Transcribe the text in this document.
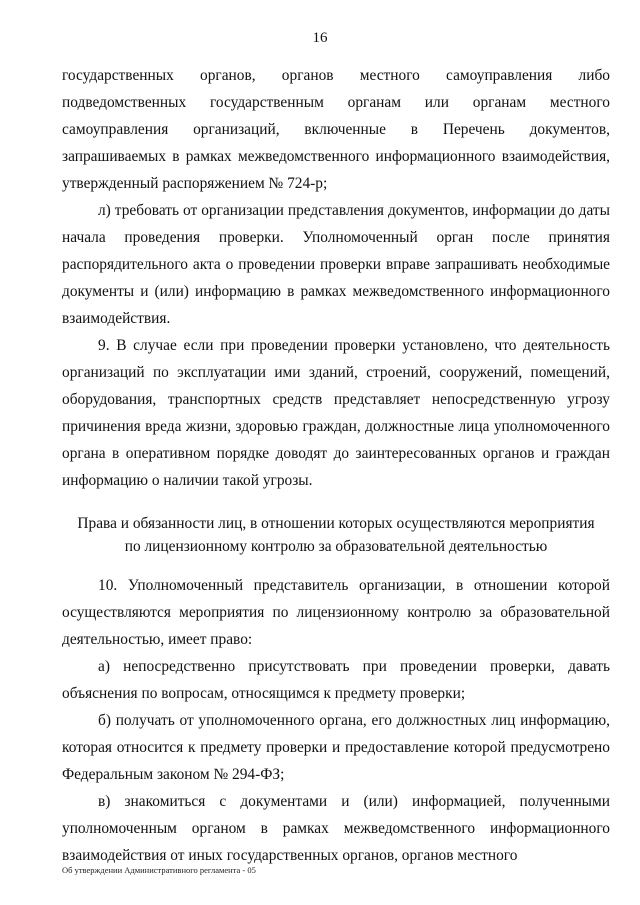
16

государственных органов, органов местного самоуправления либо подведомственных государственным органам или органам местного самоуправления организаций, включенные в Перечень документов, запрашиваемых в рамках межведомственного информационного взаимодействия, утвержденный распоряжением № 724-р;

л) требовать от организации представления документов, информации до даты начала проведения проверки. Уполномоченный орган после принятия распорядительного акта о проведении проверки вправе запрашивать необходимые документы и (или) информацию в рамках межведомственного информационного взаимодействия.

9. В случае если при проведении проверки установлено, что деятельность организаций по эксплуатации ими зданий, строений, сооружений, помещений, оборудования, транспортных средств представляет непосредственную угрозу причинения вреда жизни, здоровью граждан, должностные лица уполномоченного органа в оперативном порядке доводят до заинтересованных органов и граждан информацию о наличии такой угрозы.

Права и обязанности лиц, в отношении которых осуществляются мероприятия
по лицензионному контролю за образовательной деятельностью

10. Уполномоченный представитель организации, в отношении которой осуществляются мероприятия по лицензионному контролю за образовательной деятельностью, имеет право:

а) непосредственно присутствовать при проведении проверки, давать объяснения по вопросам, относящимся к предмету проверки;

б) получать от уполномоченного органа, его должностных лиц информацию, которая относится к предмету проверки и предоставление которой предусмотрено Федеральным законом № 294-ФЗ;

в) знакомиться с документами и (или) информацией, полученными уполномоченным органом в рамках межведомственного информационного взаимодействия от иных государственных органов, органов местного

Об утверждении Административного регламента - 05
